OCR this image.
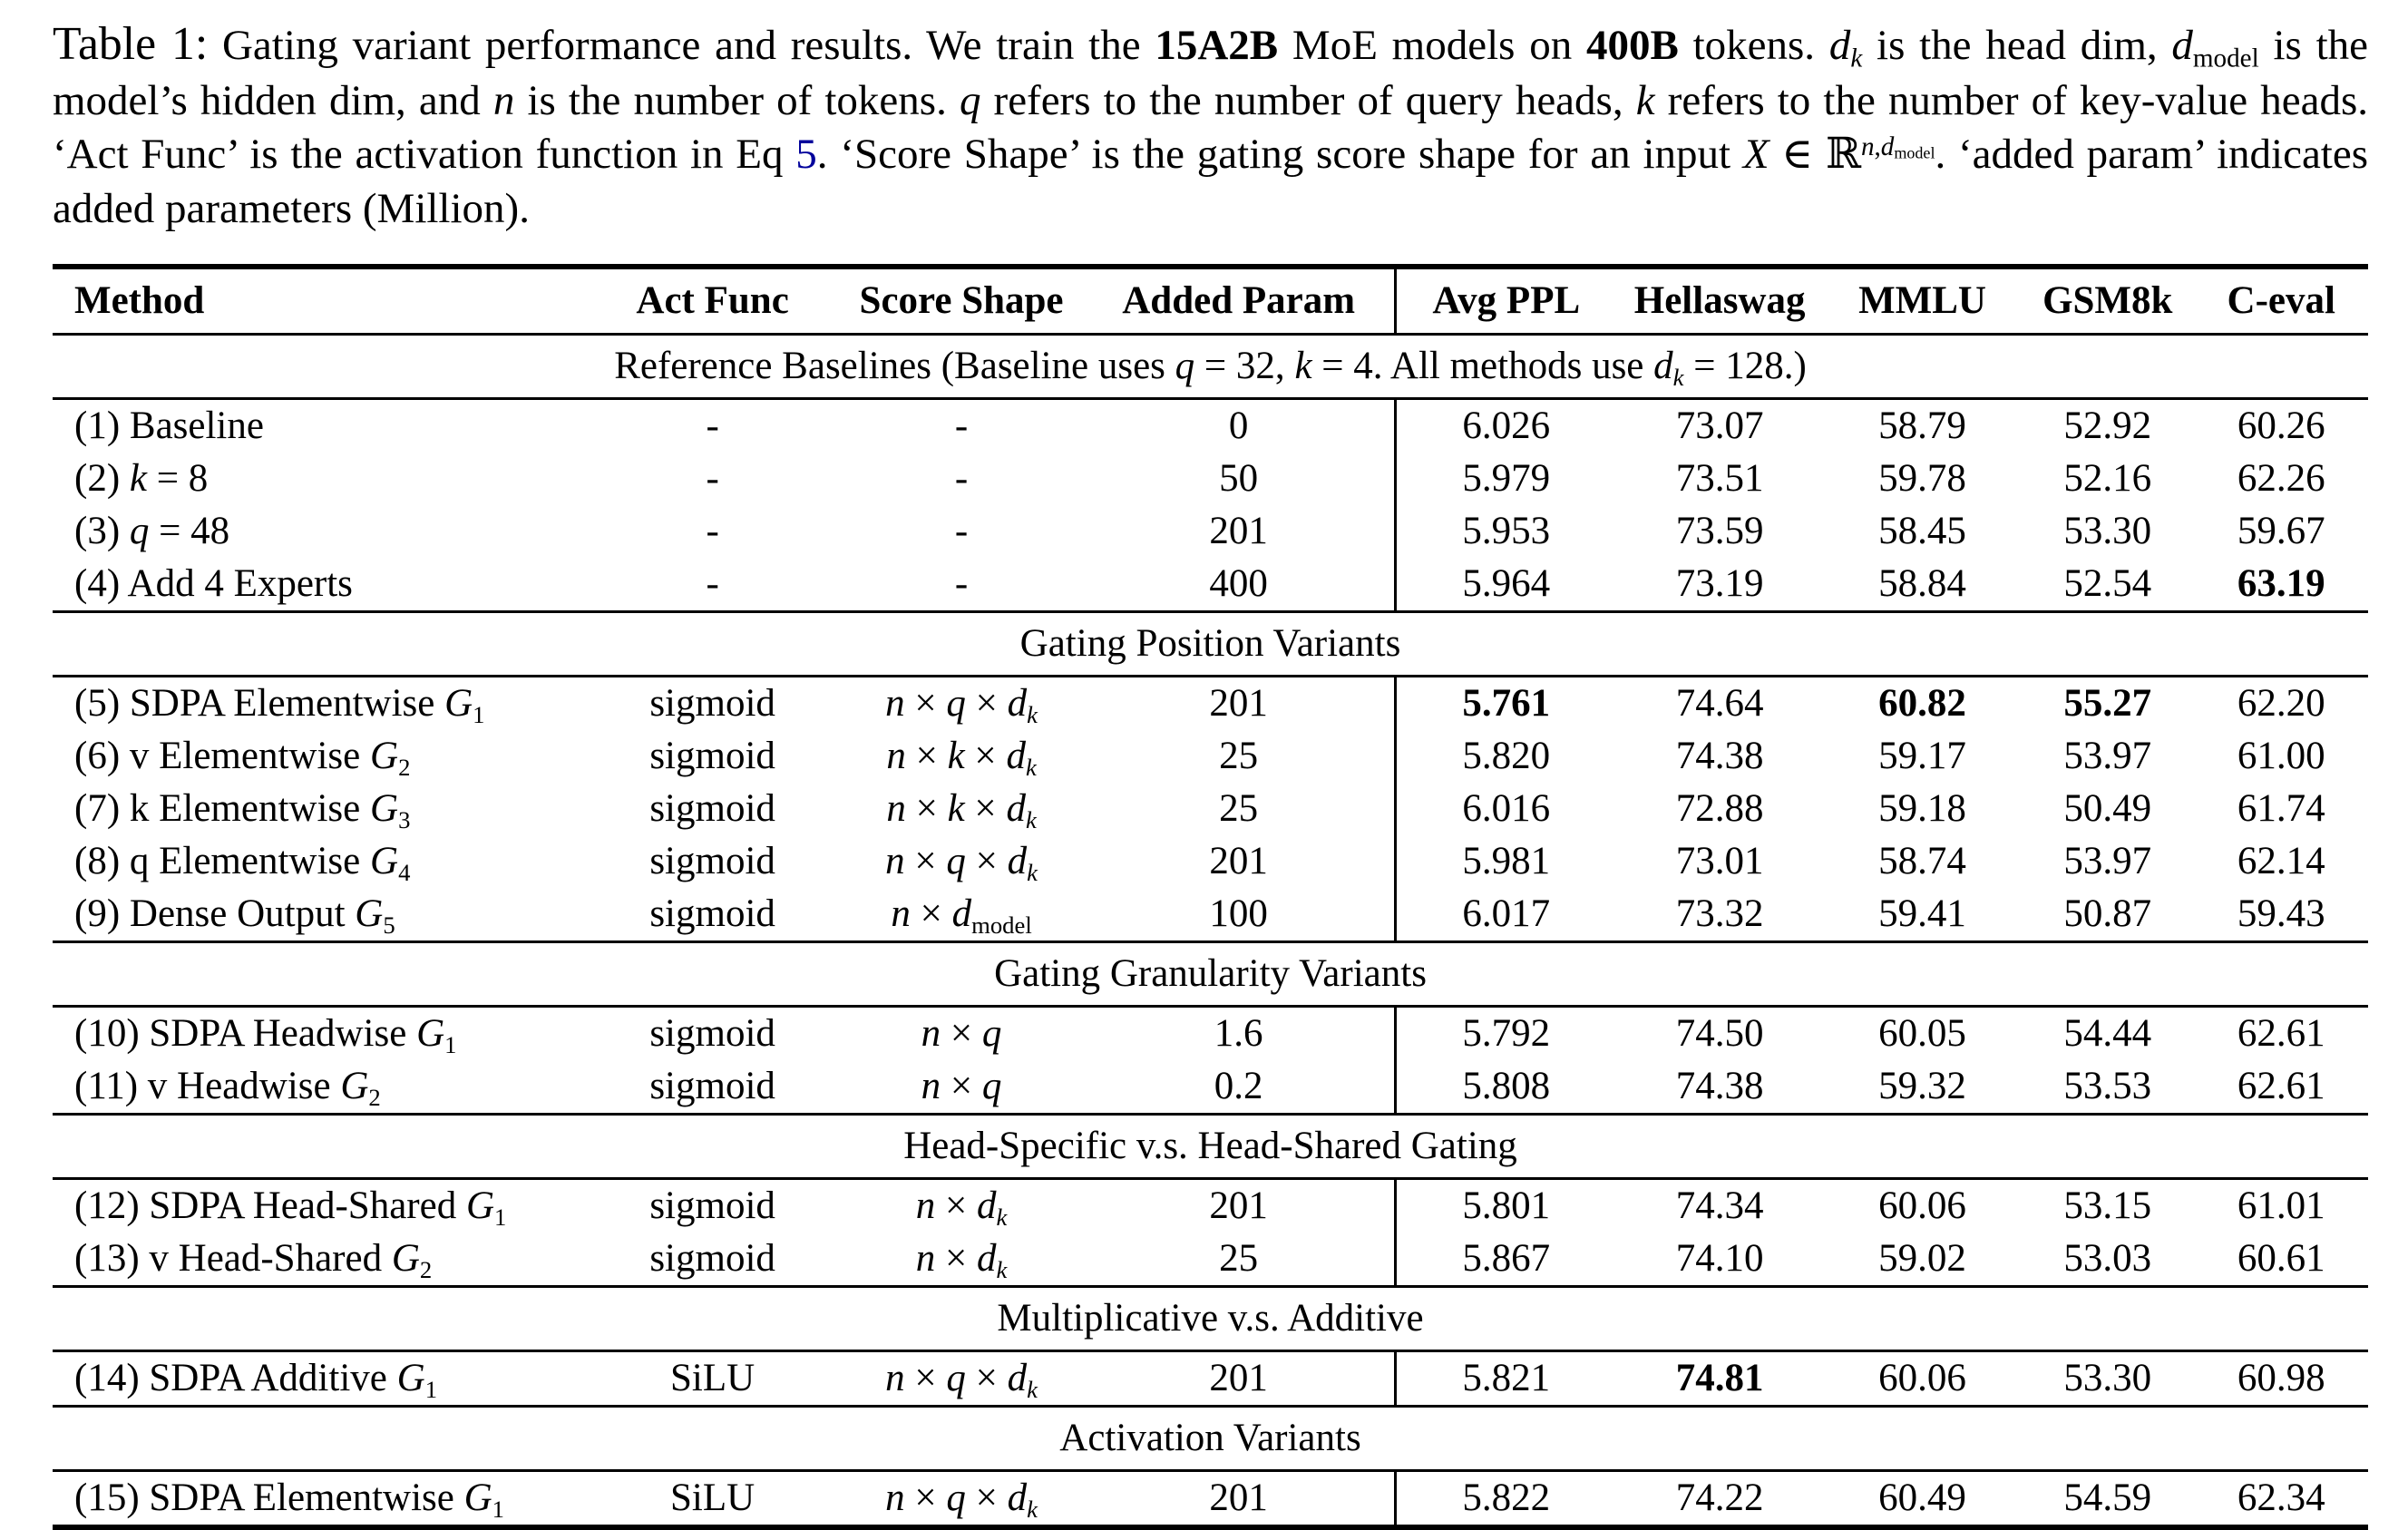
Table 1: Gating variant performance and results. We train the 15A2B MoE models on 400B tokens. $d_k$ is the head dim, $d_{model}$ is the model’s hidden dim, and n is the number of tokens. q refers to the number of query heads, k refers to the number of key-value heads. ‘Act Func’ is the activation function in Eq 5. ‘Score Shape’ is the gating score shape for an input X ∈ ℝ$^{n,d_{model}}$. ‘added param’ indicates added parameters (Million).

Method	Act Func	Score Shape	Added Param	Avg PPL	Hellaswag	MMLU	GSM8k	C-eval
Reference Baselines (Baseline uses q = 32, k = 4. All methods use $d_k = 128$.)								
(1) Baseline	-	-	0	6.026	73.07	58.79	52.92	60.26
(2) k = 8	-	-	50	5.979	73.51	59.78	52.16	62.26
(3) q = 48	-	-	201	5.953	73.59	58.45	53.30	59.67
(4) Add 4 Experts	-	-	400	5.964	73.19	58.84	52.54	63.19
Gating Position Variants								
(5) SDPA Elementwise $G_1$	sigmoid	$n \times q \times d_k$	201	5.761	74.64	60.82	55.27	62.20
(6) v Elementwise $G_2$	sigmoid	$n \times k \times d_k$	25	5.820	74.38	59.17	53.97	61.00
(7) k Elementwise $G_3$	sigmoid	$n \times k \times d_k$	25	6.016	72.88	59.18	50.49	61.74
(8) q Elementwise $G_4$	sigmoid	$n \times q \times d_k$	201	5.981	73.01	58.74	53.97	62.14
(9) Dense Output $G_5$	sigmoid	$n \times d_{model}$	100	6.017	73.32	59.41	50.87	59.43
Gating Granularity Variants								
(10) SDPA Headwise $G_1$	sigmoid	n × q	1.6	5.792	74.50	60.05	54.44	62.61
(11) v Headwise $G_2$	sigmoid	n × q	0.2	5.808	74.38	59.32	53.53	62.61
Head-Specific v.s. Head-Shared Gating								
(12) SDPA Head-Shared $G_1$	sigmoid	$n \times d_k$	201	5.801	74.34	60.06	53.15	61.01
(13) v Head-Shared $G_2$	sigmoid	$n \times d_k$	25	5.867	74.10	59.02	53.03	60.61
Multiplicative v.s. Additive								
(14) SDPA Additive $G_1$	SiLU	$n \times q \times d_k$	201	5.821	74.81	60.06	53.30	60.98
Activation Variants								
(15) SDPA Elementwise $G_1$	SiLU	$n \times q \times d_k$	201	5.822	74.22	60.49	54.59	62.34
